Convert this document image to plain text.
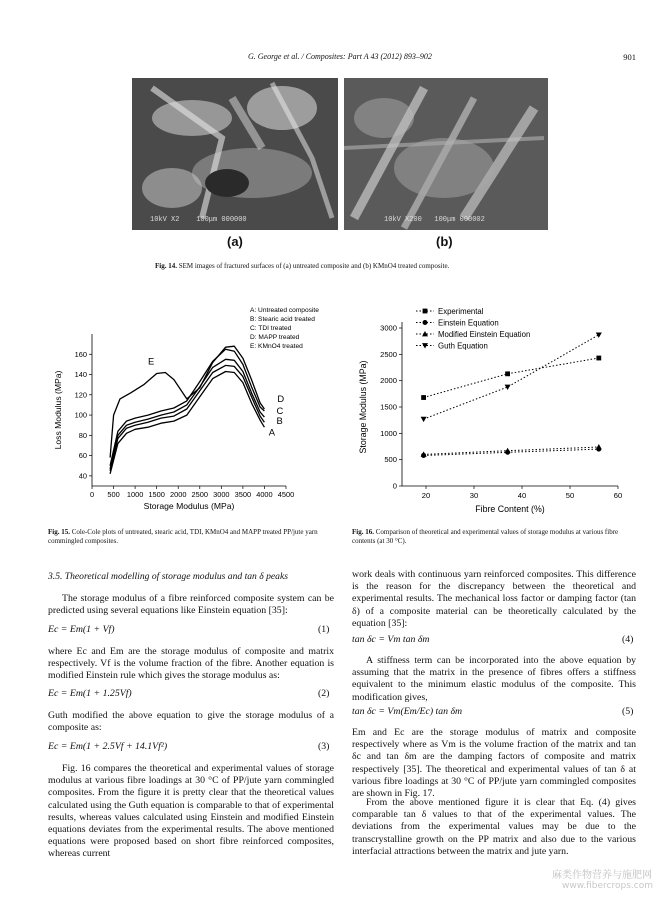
G. George et al. / Composites: Part A 43 (2012) 893–902	901
10kV X2    100μm 000000	10kV X200   100μm 000002
(a)	(b)
Fig. 14. SEM images of fractured surfaces of (a) untreated composite and (b) KMnO4 treated composite.
0 500 1000 1500 2000 2500 3000 3500 4000 4500
40
60
80
100
120
140
160
Storage Modulus (MPa)
Loss Modulus (MPa)	A
B
C
D
E
A: Untreated composite
B: Stearic acid treated
C: TDI treated
D: MAPP treated
E: KMnO4 treated
Fig. 15. Cole-Cole plots of untreated, stearic acid, TDI, KMnO4 and MAPP treated PP/jute yarn commingled composites.
20	30	40	50	60
0
500
1000
1500
2000
2500
3000
Fibre Content (%)
Storage Modulus (MPa)
Experimental
Einstein Equation
Modified Einstein Equation
Guth Equation
Fig. 16. Comparison of theoretical and experimental values of storage modulus at various fibre contents (at 30 °C).
3.5. Theoretical modelling of storage modulus and tan δ peaks
The storage modulus of a fibre reinforced composite system can be predicted using several equations like Einstein equation [35]:
Ec = Em(1 + Vf)	(1)
where Ec and Em are the storage modulus of composite and matrix respectively. Vf is the volume fraction of the fibre. Another equation is modified Einstein rule which gives the storage modulus as:
Ec = Em(1 + 1.25Vf)	(2)
Guth modified the above equation to give the storage modulus of a composite as:
Ec = Em(1 + 2.5Vf + 14.1Vf²)	(3)
Fig. 16 compares the theoretical and experimental values of storage modulus at various fibre loadings at 30 °C of PP/jute yarn commingled composites. From the figure it is pretty clear that the theoretical values calculated using the Guth equation is comparable to that of experimental results, whereas values calculated using Einstein and modified Einstein equations deviates from the experimental results. The above mentioned equations were proposed based on short fibre reinforced composites, whereas current
work deals with continuous yarn reinforced composites. This difference is the reason for the discrepancy between the theoretical and experimental results. The mechanical loss factor or damping factor (tan δ) of a composite material can be theoretically calculated by the equation [35]:
tan δc = Vm tan δm	(4)
A stiffness term can be incorporated into the above equation by assuming that the matrix in the presence of fibres offers a stiffness equivalent to the minimum elastic modulus of the composite. This modification gives,
tan δc = Vm(Em/Ec) tan δm	(5)
Em and Ec are the storage modulus of matrix and composite respectively where as Vm is the volume fraction of the matrix and tan δc and tan δm are the damping factors of composite and matrix respectively [35]. The theoretical and experimental values of tan δ at various fibre loadings at 30 °C of PP/jute yarn commingled composites are shown in Fig. 17.
From the above mentioned figure it is clear that Eq. (4) gives comparable tan δ values to that of the experimental values. The deviations from the experimental values may be due to the transcrystalline growth on the PP matrix and also due to the various interfacial attractions between the matrix and jute yarn.
麻类作物营养与施肥网
www.fibercrops.com
